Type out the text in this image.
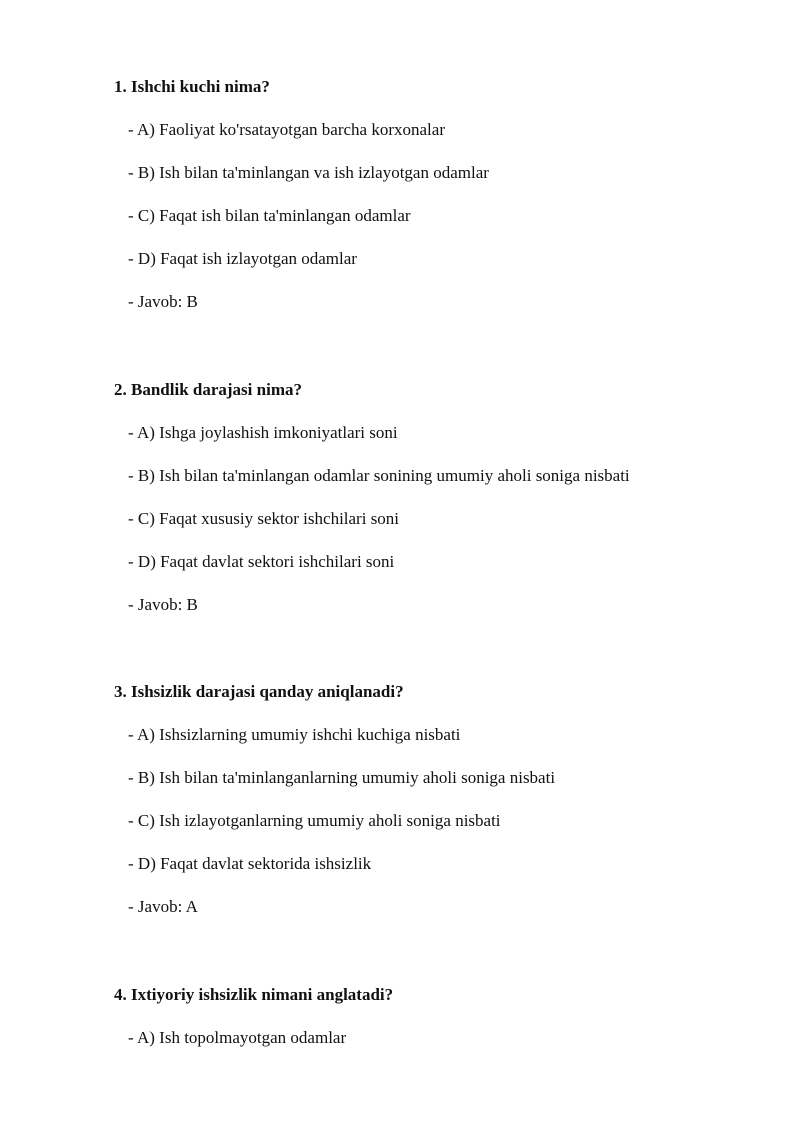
1. Ishchi kuchi nima?
- A) Faoliyat ko'rsatayotgan barcha korxonalar
- B) Ish bilan ta'minlangan va ish izlayotgan odamlar
- C) Faqat ish bilan ta'minlangan odamlar
- D) Faqat ish izlayotgan odamlar
- Javob: B
2. Bandlik darajasi nima?
- A) Ishga joylashish imkoniyatlari soni
- B) Ish bilan ta'minlangan odamlar sonining umumiy aholi soniga nisbati
- C) Faqat xususiy sektor ishchilari soni
- D) Faqat davlat sektori ishchilari soni
- Javob: B
3. Ishsizlik darajasi qanday aniqlanadi?
- A) Ishsizlarning umumiy ishchi kuchiga nisbati
- B) Ish bilan ta'minlanganlarning umumiy aholi soniga nisbati
- C) Ish izlayotganlarning umumiy aholi soniga nisbati
- D) Faqat davlat sektorida ishsizlik
- Javob: A
4. Ixtiyoriy ishsizlik nimani anglatadi?
- A) Ish topolmayotgan odamlar
